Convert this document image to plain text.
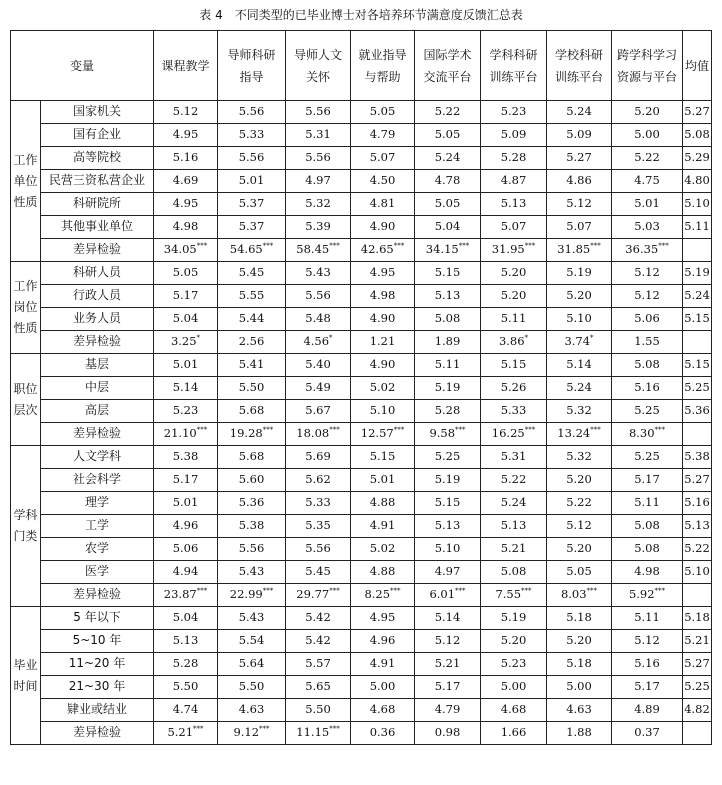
表 4　不同类型的已毕业博士对各培养环节满意度反馈汇总表
变量		课程教学	导师科研指导	导师人文关怀	就业指导与帮助	国际学术交流平台	学科科研训练平台	学校科研训练平台	跨学科学习资源与平台	均值
工作单位性质	国家机关	5.12	5.56	5.56	5.05	5.22	5.23	5.24	5.20	5.27
	国有企业	4.95	5.33	5.31	4.79	5.05	5.09	5.09	5.00	5.08
	高等院校	5.16	5.56	5.56	5.07	5.24	5.28	5.27	5.22	5.29
	民营三资私营企业	4.69	5.01	4.97	4.50	4.78	4.87	4.86	4.75	4.80
	科研院所	4.95	5.37	5.32	4.81	5.05	5.13	5.12	5.01	5.10
	其他事业单位	4.98	5.37	5.39	4.90	5.04	5.07	5.07	5.03	5.11
	差异检验	34.05***	54.65***	58.45***	42.65***	34.15***	31.95***	31.85***	36.35***	
工作岗位性质	科研人员	5.05	5.45	5.43	4.95	5.15	5.20	5.19	5.12	5.19
	行政人员	5.17	5.55	5.56	4.98	5.13	5.20	5.20	5.12	5.24
	业务人员	5.04	5.44	5.48	4.90	5.08	5.11	5.10	5.06	5.15
	差异检验	3.25*	2.56	4.56*	1.21	1.89	3.86*	3.74*	1.55	
职位层次	基层	5.01	5.41	5.40	4.90	5.11	5.15	5.14	5.08	5.15
	中层	5.14	5.50	5.49	5.02	5.19	5.26	5.24	5.16	5.25
	高层	5.23	5.68	5.67	5.10	5.28	5.33	5.32	5.25	5.36
	差异检验	21.10***	19.28***	18.08***	12.57***	9.58***	16.25***	13.24***	8.30***	
学科门类	人文学科	5.38	5.68	5.69	5.15	5.25	5.31	5.32	5.25	5.38
	社会科学	5.17	5.60	5.62	5.01	5.19	5.22	5.20	5.17	5.27
	理学	5.01	5.36	5.33	4.88	5.15	5.24	5.22	5.11	5.16
	工学	4.96	5.38	5.35	4.91	5.13	5.13	5.12	5.08	5.13
	农学	5.06	5.56	5.56	5.02	5.10	5.21	5.20	5.08	5.22
	医学	4.94	5.43	5.45	4.88	4.97	5.08	5.05	4.98	5.10
	差异检验	23.87***	22.99***	29.77***	8.25***	6.01***	7.55***	8.03***	5.92***	
毕业时间	5 年以下	5.04	5.43	5.42	4.95	5.14	5.19	5.18	5.11	5.18
	5~10 年	5.13	5.54	5.42	4.96	5.12	5.20	5.20	5.12	5.21
	11~20 年	5.28	5.64	5.57	4.91	5.21	5.23	5.18	5.16	5.27
	21~30 年	5.50	5.50	5.65	5.00	5.17	5.00	5.00	5.17	5.25
	肄业或结业	4.74	4.63	5.50	4.68	4.79	4.68	4.63	4.89	4.82
	差异检验	5.21***	9.12***	11.15***	0.36	0.98	1.66	1.88	0.37	
